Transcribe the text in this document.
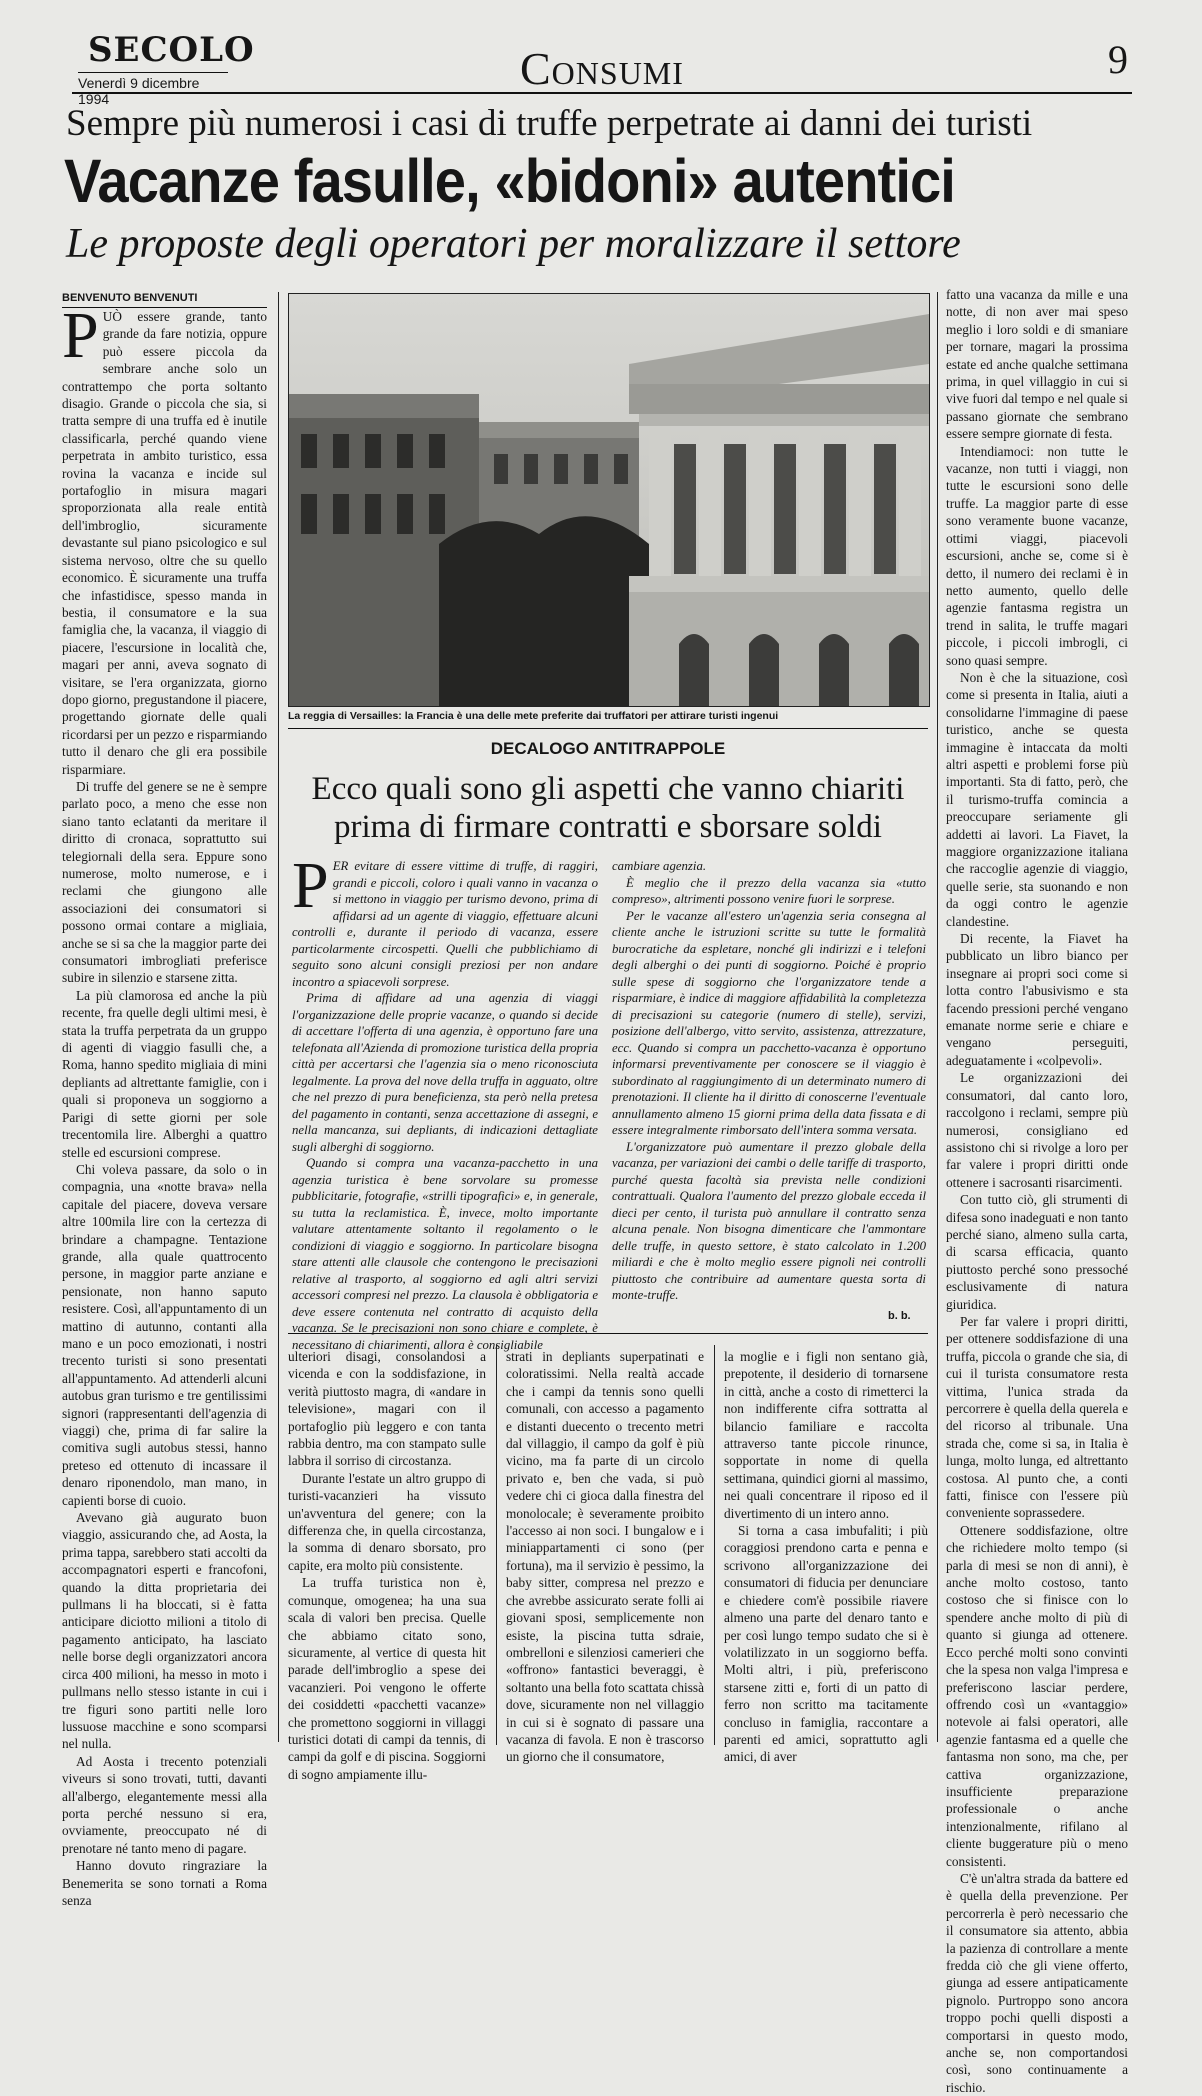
SECOLO
Venerdì 9 dicembre 1994
Consumi	9
Sempre più numerosi i casi di truffe perpetrate ai danni dei turisti
Vacanze fasulle, «bidoni» autentici
Le proposte degli operatori per moralizzare il settore
BENVENUTO BENVENUTI
P UÒ essere grande, tanto grande da fare notizia, oppure può essere piccola da sembrare anche solo un contrattempo che porta soltanto disagio. Grande o piccola che sia, si tratta sempre di una truffa ed è inutile classificarla, perché quando viene perpetrata in ambito turistico, essa rovina la vacanza e incide sul portafoglio in misura magari sproporzionata alla reale entità dell'imbroglio, sicuramente devastante sul piano psicologico e sul sistema nervoso, oltre che su quello economico. È sicuramente una truffa che infastidisce, spesso manda in bestia, il consumatore e la sua famiglia che, la vacanza, il viaggio di piacere, l'escursione in località che, magari per anni, aveva sognato di visitare, se l'era organizzata, giorno dopo giorno, pregustandone il piacere, progettando giornate delle quali ricordarsi per un pezzo e risparmiando tutto il denaro che gli era possibile risparmiare.

Di truffe del genere se ne è sempre parlato poco, a meno che esse non siano tanto eclatanti da meritare il diritto di cronaca, soprattutto sui telegiornali della sera. Eppure sono numerose, molto numerose, e i reclami che giungono alle associazioni dei consumatori si possono ormai contare a migliaia, anche se si sa che la maggior parte dei consumatori imbrogliati preferisce subire in silenzio e starsene zitta.

La più clamorosa ed anche la più recente, fra quelle degli ultimi mesi, è stata la truffa perpetrata da un gruppo di agenti di viaggio fasulli che, a Roma, hanno spedito migliaia di mini depliants ad altrettante famiglie, con i quali si proponeva un soggiorno a Parigi di sette giorni per sole trecentomila lire. Alberghi a quattro stelle ed escursioni comprese.

Chi voleva passare, da solo o in compagnia, una «notte brava» nella capitale del piacere, doveva versare altre 100mila lire con la certezza di brindare a champagne. Tentazione grande, alla quale quattrocento persone, in maggior parte anziane e pensionate, non hanno saputo resistere. Così, all'appuntamento di un mattino di autunno, contanti alla mano e un poco emozionati, i nostri trecento turisti si sono presentati all'appuntamento. Ad attenderli alcuni autobus gran turismo e tre gentilissimi signori (rappresentanti dell'agenzia di viaggi) che, prima di far salire la comitiva sugli autobus stessi, hanno preteso ed ottenuto di incassare il denaro riponendolo, man mano, in capienti borse di cuoio.

Avevano già augurato buon viaggio, assicurando che, ad Aosta, la prima tappa, sarebbero stati accolti da accompagnatori esperti e francofoni, quando la ditta proprietaria dei pullmans li ha bloccati, si è fatta anticipare diciotto milioni a titolo di pagamento anticipato, ha lasciato nelle borse degli organizzatori ancora circa 400 milioni, ha messo in moto i pullmans nello stesso istante in cui i tre figuri sono partiti nelle loro lussuose macchine e sono scomparsi nel nulla.

Ad Aosta i trecento potenziali viveurs si sono trovati, tutti, davanti all'albergo, elegantemente messi alla porta perché nessuno si era, ovviamente, preoccupato né di prenotare né tanto meno di pagare.

Hanno dovuto ringraziare la Benemerita se sono tornati a Roma senza

La reggia di Versailles: la Francia è una delle mete preferite dai truffatori per attirare turisti ingenui
DECALOGO ANTITRAPPOLE
Ecco quali sono gli aspetti che vanno chiariti prima di firmare contratti e sborsare soldi
P ER evitare di essere vittime di truffe, di raggiri, grandi e piccoli, coloro i quali vanno in vacanza o si mettono in viaggio per turismo devono, prima di affidarsi ad un agente di viaggio, effettuare alcuni controlli e, durante il periodo di vacanza, essere particolarmente circospetti. Quelli che pubblichiamo di seguito sono alcuni consigli preziosi per non andare incontro a spiacevoli sorprese.

Prima di affidare ad una agenzia di viaggi l'organizzazione delle proprie vacanze, o quando si decide di accettare l'offerta di una agenzia, è opportuno fare una telefonata all'Azienda di promozione turistica della propria città per accertarsi che l'agenzia sia o meno riconosciuta legalmente. La prova del nove della truffa in agguato, oltre che nel prezzo di pura beneficienza, sta però nella pretesa del pagamento in contanti, senza accettazione di assegni, e nella mancanza, sui depliants, di indicazioni dettagliate sugli alberghi di soggiorno.

Quando si compra una vacanza-pacchetto in una agenzia turistica è bene sorvolare su promesse pubblicitarie, fotografie, «strilli tipografici» e, in generale, su tutta la reclamistica. È, invece, molto importante valutare attentamente soltanto il regolamento o le condizioni di viaggio e soggiorno. In particolare bisogna stare attenti alle clausole che contengono le precisazioni relative al trasporto, al soggiorno ed agli altri servizi accessori compresi nel prezzo. La clausola è obbligatoria e deve essere contenuta nel contratto di acquisto della vacanza. Se le precisazioni non sono chiare e complete, è necessitano di chiarimenti, allora è consigliabile

cambiare agenzia.

È meglio che il prezzo della vacanza sia «tutto compreso», altrimenti possono venire fuori le sorprese.

Per le vacanze all'estero un'agenzia seria consegna al cliente anche le istruzioni scritte su tutte le formalità burocratiche da espletare, nonché gli indirizzi e i telefoni degli alberghi o dei punti di soggiorno. Poiché è proprio sulle spese di soggiorno che l'organizzatore tende a risparmiare, è indice di maggiore affidabilità la completezza di precisazioni su categorie (numero di stelle), servizi, posizione dell'albergo, vitto servito, assistenza, attrezzature, ecc. Quando si compra un pacchetto-vacanza è opportuno informarsi preventivamente per conoscere se il viaggio è subordinato al raggiungimento di un determinato numero di prenotazioni. Il cliente ha il diritto di conoscerne l'eventuale annullamento almeno 15 giorni prima della data fissata e di essere integralmente rimborsato dell'intera somma versata.

L'organizzatore può aumentare il prezzo globale della vacanza, per variazioni dei cambi o delle tariffe di trasporto, purché questa facoltà sia prevista nelle condizioni contrattuali. Qualora l'aumento del prezzo globale ecceda il dieci per cento, il turista può annullare il contratto senza alcuna penale. Non bisogna dimenticare che l'ammontare delle truffe, in questo settore, è stato calcolato in 1.200 miliardi e che è molto meglio essere pignoli nei controlli piuttosto che contribuire ad aumentare questa sorta di monte-truffe.

b. b.

ulteriori disagi, consolandosi a vicenda e con la soddisfazione, in verità piuttosto magra, di «andare in televisione», magari con il portafoglio più leggero e con tanta rabbia dentro, ma con stampato sulle labbra il sorriso di circostanza.

Durante l'estate un altro gruppo di turisti-vacanzieri ha vissuto un'avventura del genere; con la differenza che, in quella circostanza, la somma di denaro sborsato, pro capite, era molto più consistente.

La truffa turistica non è, comunque, omogenea; ha una sua scala di valori ben precisa. Quelle che abbiamo citato sono, sicuramente, al vertice di questa hit parade dell'imbroglio a spese dei vacanzieri. Poi vengono le offerte dei cosiddetti «pacchetti vacanze» che promettono soggiorni in villaggi turistici dotati di campi da tennis, di campi da golf e di piscina. Soggiorni di sogno ampiamente illu-

strati in depliants superpatinati e coloratissimi. Nella realtà accade che i campi da tennis sono quelli comunali, con accesso a pagamento e distanti duecento o trecento metri dal villaggio, il campo da golf è più vicino, ma fa parte di un circolo privato e, ben che vada, si può vedere chi ci gioca dalla finestra del monolocale; è severamente proibito l'accesso ai non soci. I bungalow e i miniappartamenti ci sono (per fortuna), ma il servizio è pessimo, la baby sitter, compresa nel prezzo e che avrebbe assicurato serate folli ai giovani sposi, semplicemente non esiste, la piscina tutta sdraie, ombrelloni e silenziosi camerieri che «offrono» fantastici beveraggi, è soltanto una bella foto scattata chissà dove, sicuramente non nel villaggio in cui si è sognato di passare una vacanza di favola. E non è trascorso un giorno che il consumatore,

la moglie e i figli non sentano già, prepotente, il desiderio di tornarsene in città, anche a costo di rimetterci la non indifferente cifra sottratta al bilancio familiare e raccolta attraverso tante piccole rinunce, sopportate in nome di quella settimana, quindici giorni al massimo, nei quali concentrare il riposo ed il divertimento di un intero anno.

Si torna a casa imbufaliti; i più coraggiosi prendono carta e penna e scrivono all'organizzazione dei consumatori di fiducia per denunciare e chiedere com'è possibile riavere almeno una parte del denaro tanto e per così lungo tempo sudato che si è volatilizzato in un soggiorno beffa. Molti altri, i più, preferiscono starsene zitti e, forti di un patto di ferro non scritto ma tacitamente concluso in famiglia, raccontare a parenti ed amici, soprattutto agli amici, di aver

fatto una vacanza da mille e una notte, di non aver mai speso meglio i loro soldi e di smaniare per tornare, magari la prossima estate ed anche qualche settimana prima, in quel villaggio in cui si vive fuori dal tempo e nel quale si passano giornate che sembrano essere sempre giornate di festa.

Intendiamoci: non tutte le vacanze, non tutti i viaggi, non tutte le escursioni sono delle truffe. La maggior parte di esse sono veramente buone vacanze, ottimi viaggi, piacevoli escursioni, anche se, come si è detto, il numero dei reclami è in netto aumento, quello delle agenzie fantasma registra un trend in salita, le truffe magari piccole, i piccoli imbrogli, ci sono quasi sempre.

Non è che la situazione, così come si presenta in Italia, aiuti a consolidarne l'immagine di paese turistico, anche se questa immagine è intaccata da molti altri aspetti e problemi forse più importanti. Sta di fatto, però, che il turismo-truffa comincia a preoccupare seriamente gli addetti ai lavori. La Fiavet, la maggiore organizzazione italiana che raccoglie agenzie di viaggio, quelle serie, sta suonando e non da oggi contro le agenzie clandestine.

Di recente, la Fiavet ha pubblicato un libro bianco per insegnare ai propri soci come si lotta contro l'abusivismo e sta facendo pressioni perché vengano emanate norme serie e chiare e vengano perseguiti, adeguatamente i «colpevoli».

Le organizzazioni dei consumatori, dal canto loro, raccolgono i reclami, sempre più numerosi, consigliano ed assistono chi si rivolge a loro per far valere i propri diritti onde ottenere i sacrosanti risarcimenti.

Con tutto ciò, gli strumenti di difesa sono inadeguati e non tanto perché siano, almeno sulla carta, di scarsa efficacia, quanto piuttosto perché sono pressoché esclusivamente di natura giuridica.

Per far valere i propri diritti, per ottenere soddisfazione di una truffa, piccola o grande che sia, di cui il turista consumatore resta vittima, l'unica strada da percorrere è quella della querela e del ricorso al tribunale. Una strada che, come si sa, in Italia è lunga, molto lunga, ed altrettanto costosa. Al punto che, a conti fatti, finisce con l'essere più conveniente soprassedere.

Ottenere soddisfazione, oltre che richiedere molto tempo (si parla di mesi se non di anni), è anche molto costoso, tanto costoso che si finisce con lo spendere anche molto di più di quanto si giunga ad ottenere. Ecco perché molti sono convinti che la spesa non valga l'impresa e preferiscono lasciar perdere, offrendo così un «vantaggio» notevole ai falsi operatori, alle agenzie fantasma ed a quelle che fantasma non sono, ma che, per cattiva organizzazione, insufficiente preparazione professionale o anche intenzionalmente, rifilano al cliente buggerature più o meno consistenti.

C'è un'altra strada da battere ed è quella della prevenzione. Per percorrerla è però necessario che il consumatore sia attento, abbia la pazienza di controllare a mente fredda ciò che gli viene offerto, giunga ad essere antipaticamente pignolo. Purtroppo sono ancora troppo pochi quelli disposti a comportarsi in questo modo, anche se, non comportandosi così, sono continuamente a rischio.
